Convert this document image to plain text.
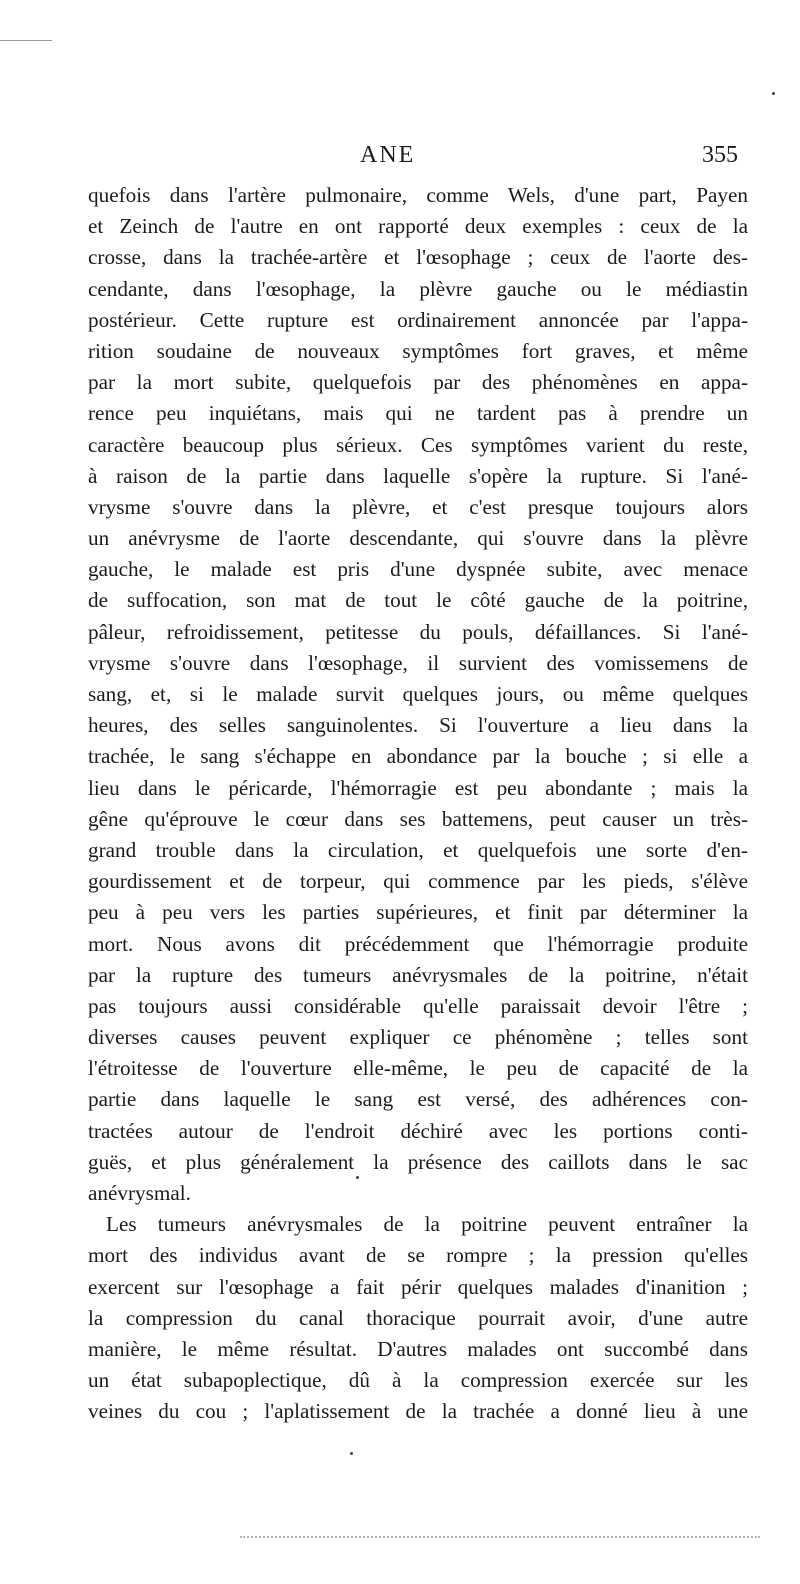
ANE	355
quefois dans l'artère pulmonaire, comme Wels, d'une part, Payen
et Zeinch de l'autre en ont rapporté deux exemples : ceux de la
crosse, dans la trachée-artère et l'œsophage ; ceux de l'aorte des-
cendante, dans l'œsophage, la plèvre gauche ou le médiastin
postérieur. Cette rupture est ordinairement annoncée par l'appa-
rition soudaine de nouveaux symptômes fort graves, et même
par la mort subite, quelquefois par des phénomènes en appa-
rence peu inquiétans, mais qui ne tardent pas à prendre un
caractère beaucoup plus sérieux. Ces symptômes varient du reste,
à raison de la partie dans laquelle s'opère la rupture. Si l'ané-
vrysme s'ouvre dans la plèvre, et c'est presque toujours alors
un anévrysme de l'aorte descendante, qui s'ouvre dans la plèvre
gauche, le malade est pris d'une dyspnée subite, avec menace
de suffocation, son mat de tout le côté gauche de la poitrine,
pâleur, refroidissement, petitesse du pouls, défaillances. Si l'ané-
vrysme s'ouvre dans l'œsophage, il survient des vomissemens de
sang, et, si le malade survit quelques jours, ou même quelques
heures, des selles sanguinolentes. Si l'ouverture a lieu dans la
trachée, le sang s'échappe en abondance par la bouche ; si elle a
lieu dans le péricarde, l'hémorragie est peu abondante ; mais la
gêne qu'éprouve le cœur dans ses battemens, peut causer un très-
grand trouble dans la circulation, et quelquefois une sorte d'en-
gourdissement et de torpeur, qui commence par les pieds, s'élève
peu à peu vers les parties supérieures, et finit par déterminer la
mort. Nous avons dit précédemment que l'hémorragie produite
par la rupture des tumeurs anévrysmales de la poitrine, n'était
pas toujours aussi considérable qu'elle paraissait devoir l'être ;
diverses causes peuvent expliquer ce phénomène ; telles sont
l'étroitesse de l'ouverture elle-même, le peu de capacité de la
partie dans laquelle le sang est versé, des adhérences con-
tractées autour de l'endroit déchiré avec les portions conti-
guës, et plus généralement la présence des caillots dans le sac
anévrysmal.
Les tumeurs anévrysmales de la poitrine peuvent entraîner la
mort des individus avant de se rompre ; la pression qu'elles
exercent sur l'œsophage a fait périr quelques malades d'inanition ;
la compression du canal thoracique pourrait avoir, d'une autre
manière, le même résultat. D'autres malades ont succombé dans
un état subapoplectique, dû à la compression exercée sur les
veines du cou ; l'aplatissement de la trachée a donné lieu à une
